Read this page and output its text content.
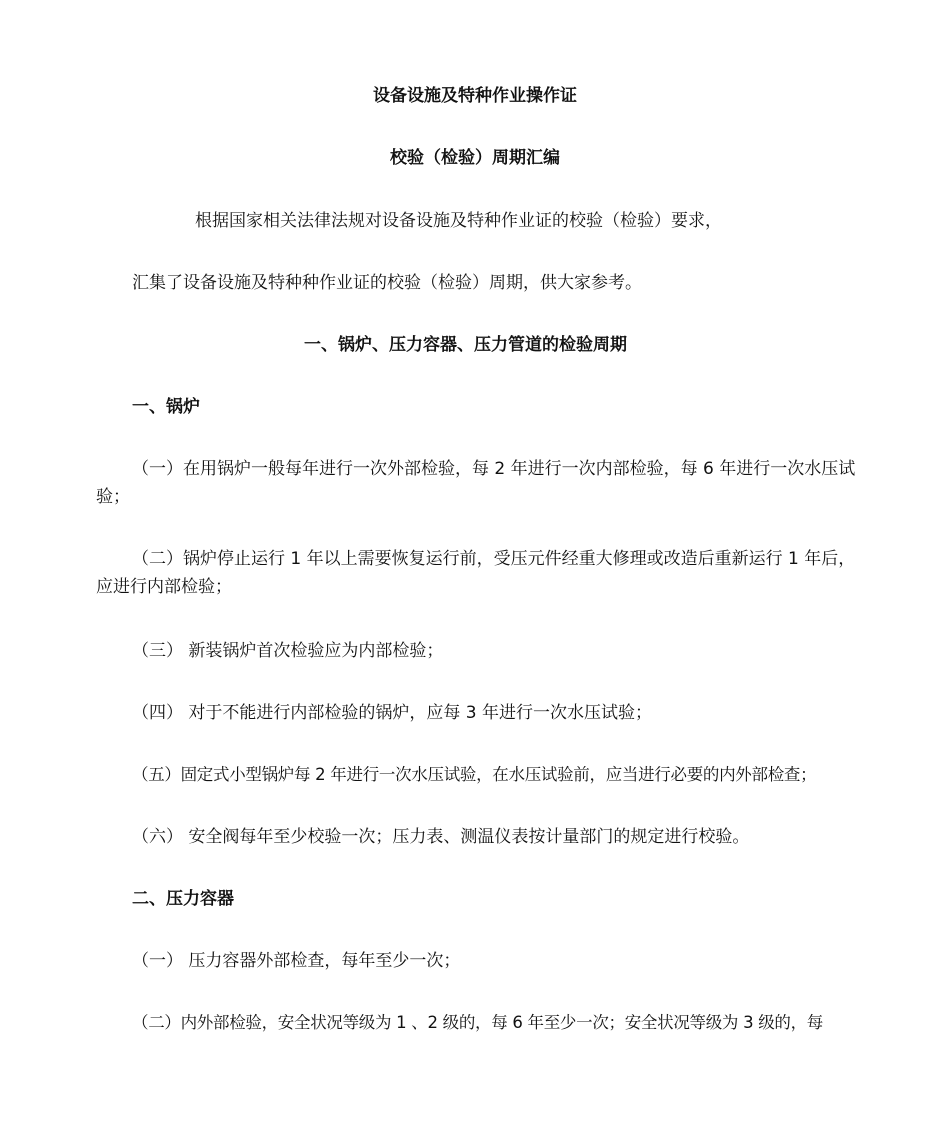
设备设施及特种作业操作证

校验（检验）周期汇编

根据国家相关法律法规对设备设施及特种作业证的校验（检验）要求，

汇集了设备设施及特种种作业证的校验（检验）周期，供大家参考。

一、锅炉、压力容器、压力管道的检验周期

一、锅炉

（一）在用锅炉一般每年进行一次外部检验，每 2 年进行一次内部检验，每 6 年进行一次水压试验；

（二）锅炉停止运行 1 年以上需要恢复运行前，受压元件经重大修理或改造后重新运行 1 年后，应进行内部检验；

（三） 新装锅炉首次检验应为内部检验；

（四） 对于不能进行内部检验的锅炉，应每 3 年进行一次水压试验；

（五）固定式小型锅炉每 2 年进行一次水压试验，在水压试验前，应当进行必要的内外部检查；

（六） 安全阀每年至少校验一次；压力表、测温仪表按计量部门的规定进行校验。

二、压力容器

（一） 压力容器外部检查，每年至少一次；

（二）内外部检验，安全状况等级为 1 、2 级的，每 6 年至少一次；安全状况等级为 3 级的，每
